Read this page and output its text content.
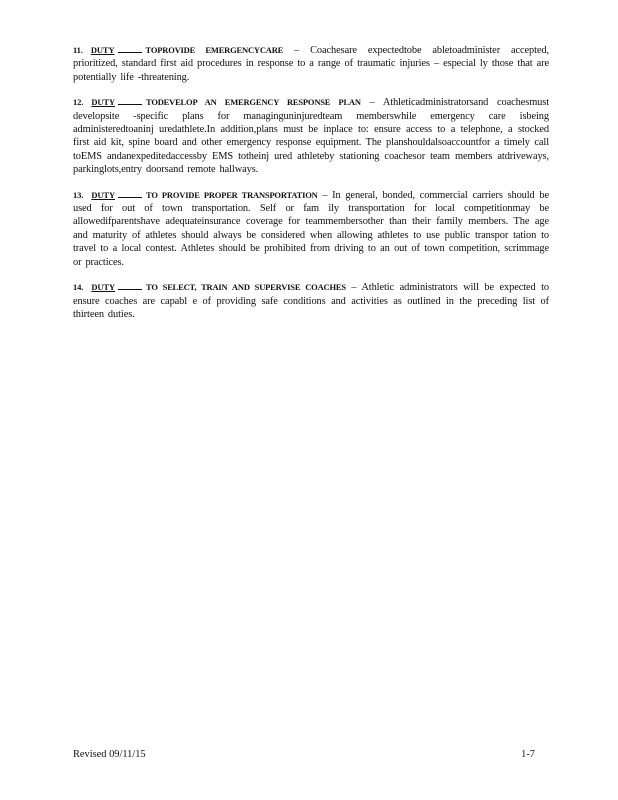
11. DUTY	TOPROVIDE EMERGENCYCARE – Coachesare expectedtobe abletoadminister accepted, prioritized, standard first aid procedures in response to a range of traumatic injuries – especial ly those that are potentially life -threatening.

12. DUTY	TODEVELOP AN EMERGENCY RESPONSE PLAN – Athleticadministratorsand coachesmust developsite -specific plans for managinguninjuredteam memberswhile emergency care isbeing administeredtoaninj uredathlete.In addition,plans must be inplace to: ensure access to a telephone, a stocked first aid kit, spine board and other emergency response equipment. The planshouldalsoaccountfor a timely call toEMS andanexpeditedaccessby EMS totheinj ured athleteby stationing coachesor team members atdriveways, parkinglots,entry doorsand remote hallways.

13. DUTY	TO PROVIDE PROPER TRANSPORTATION – In general, bonded, commercial carriers should be used for out of town transportation. Self or fam ily transportation for local competitionmay be allowedifparentshave adequateinsurance coverage for teammembersother than their family members. The age and maturity of athletes should always be considered when allowing athletes to use public transpor tation to travel to a local contest. Athletes should be prohibited from driving to an out of town competition, scrimmage or practices.

14. DUTY	TO SELECT, TRAIN AND SUPERVISE COACHES – Athletic administrators will be expected to ensure coaches are capabl e of providing safe conditions and activities as outlined in the preceding list of thirteen duties.

Revised 09/11/15	1-7
